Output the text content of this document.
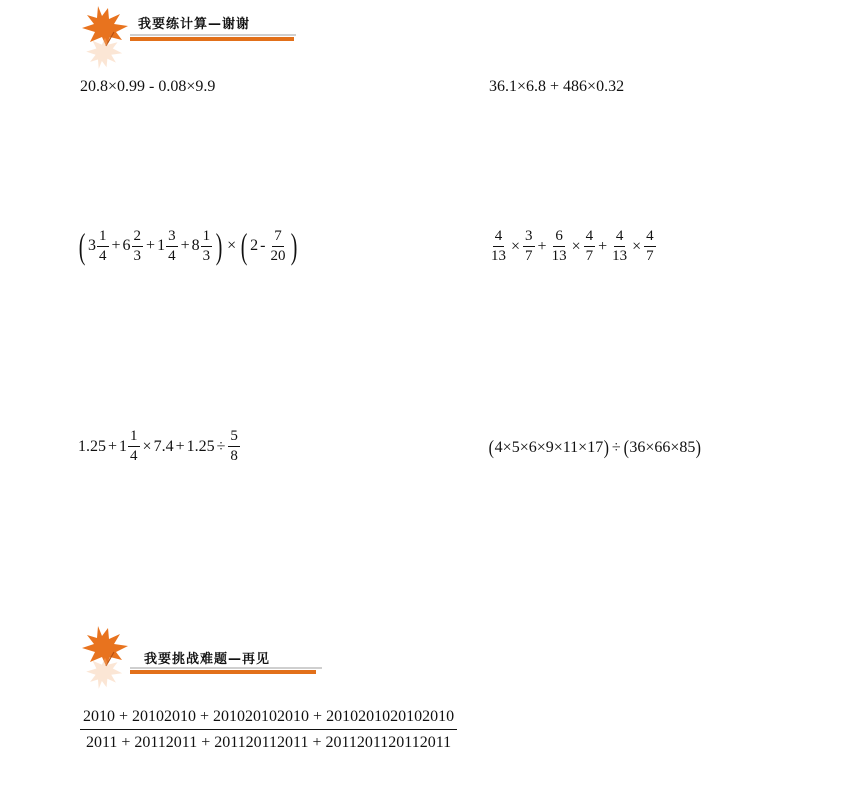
我要练计算—谢谢
20.8×0.99 - 0.08×9.9	36.1×6.8 + 486×0.32
( $3 \frac{1}{4} + 6 \frac{2}{3} + 1 \frac{3}{4} + 8 \frac{1}{3}$ ) × ( $2 - \frac{7}{20}$ )	$\frac{4}{13} \times \frac{3}{7} + \frac{6}{13} \times \frac{4}{7} + \frac{4}{13} \times \frac{4}{7}$
$1.25 + 1 \frac{1}{4} \times 7.4 + 1.25 \div \frac{5}{8}$	( 4×5×6×9×11×17 ) ÷ ( 36×66×85 )
我要挑战难题—再见
$\frac{2010 + 20102010 + 201020102010 + 2010201020102010}{2011 + 20112011 + 201120112011 + 2011201120112011}$
